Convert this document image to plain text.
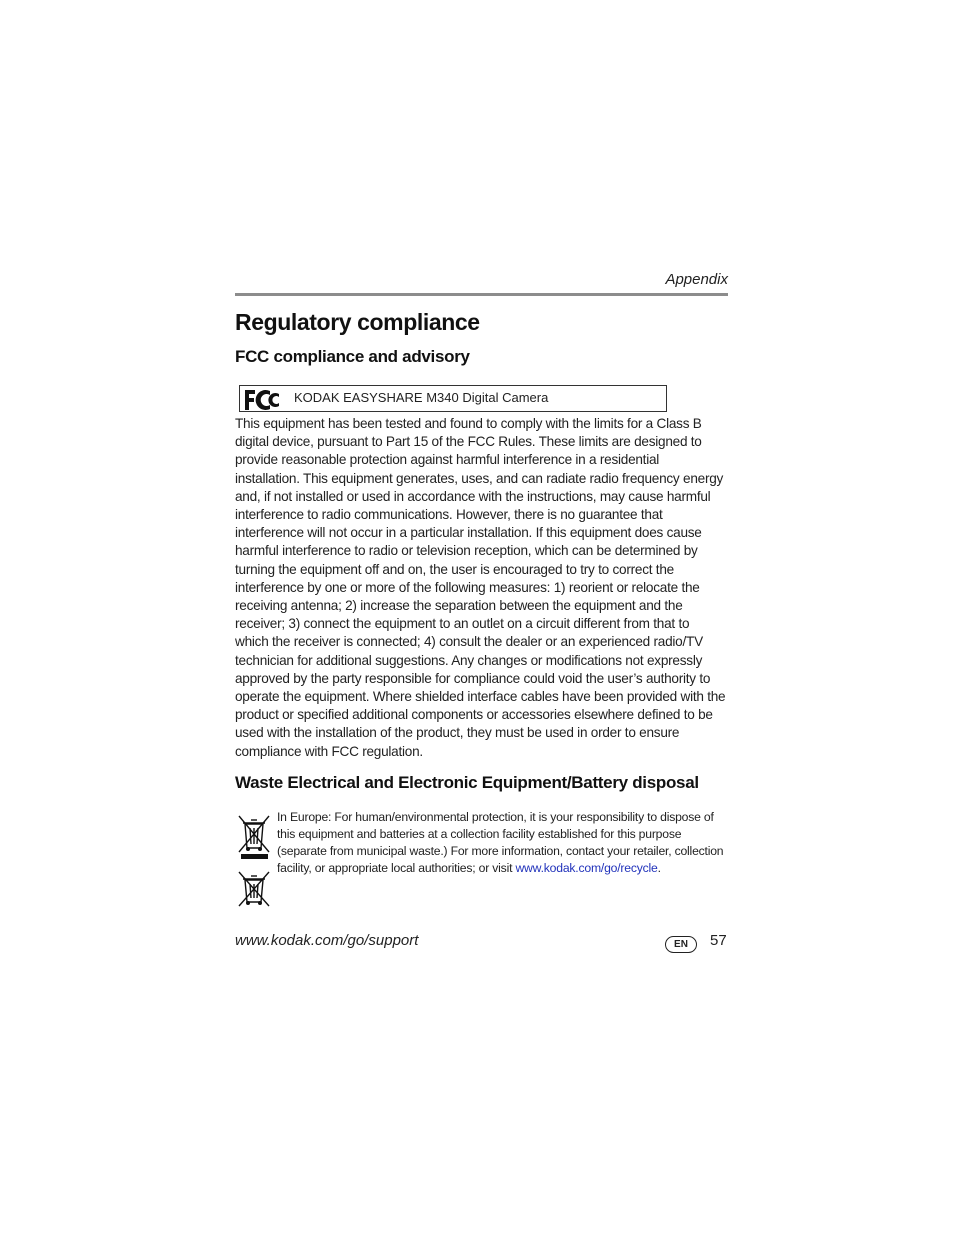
Appendix
Regulatory compliance
FCC compliance and advisory
KODAK EASYSHARE M340 Digital Camera
This equipment has been tested and found to comply with the limits for a Class B
digital device, pursuant to Part 15 of the FCC Rules. These limits are designed to
provide reasonable protection against harmful interference in a residential
installation. This equipment generates, uses, and can radiate radio frequency energy
and, if not installed or used in accordance with the instructions, may cause harmful
interference to radio communications. However, there is no guarantee that
interference will not occur in a particular installation. If this equipment does cause
harmful interference to radio or television reception, which can be determined by
turning the equipment off and on, the user is encouraged to try to correct the
interference by one or more of the following measures: 1) reorient or relocate the
receiving antenna; 2) increase the separation between the equipment and the
receiver; 3) connect the equipment to an outlet on a circuit different from that to
which the receiver is connected; 4) consult the dealer or an experienced radio/TV
technician for additional suggestions. Any changes or modifications not expressly
approved by the party responsible for compliance could void the user’s authority to
operate the equipment. Where shielded interface cables have been provided with the
product or specified additional components or accessories elsewhere defined to be
used with the installation of the product, they must be used in order to ensure
compliance with FCC regulation.
Waste Electrical and Electronic Equipment/Battery disposal
In Europe: For human/environmental protection, it is your responsibility to dispose of
this equipment and batteries at a collection facility established for this purpose
(separate from municipal waste.) For more information, contact your retailer, collection
facility, or appropriate local authorities; or visit www.kodak.com/go/recycle.
www.kodak.com/go/support	EN	57
